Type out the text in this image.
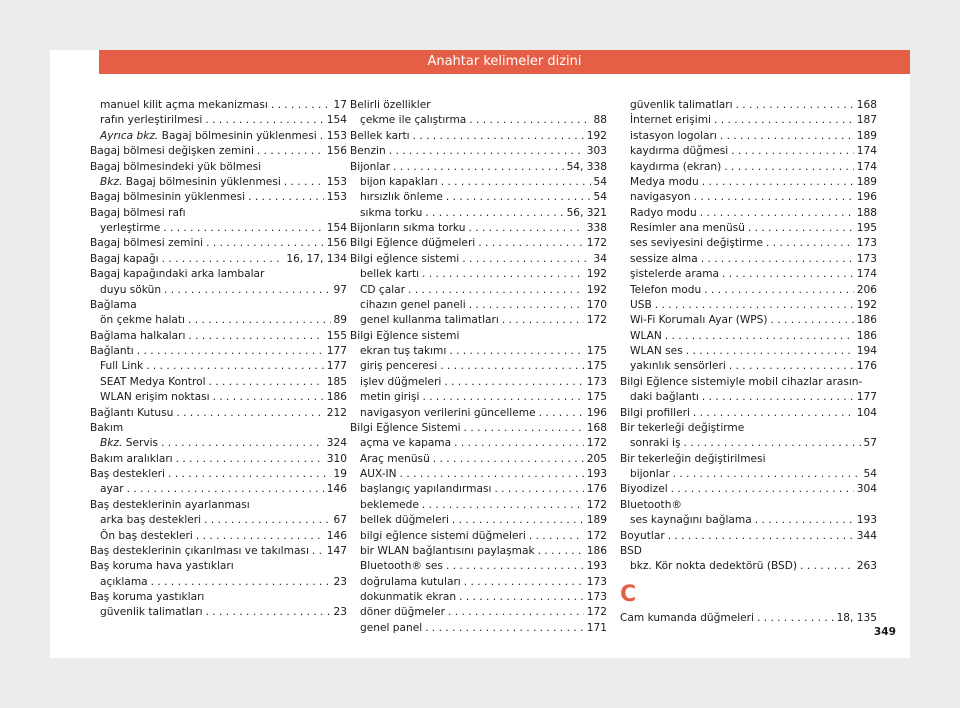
Anahtar kelimeler dizini
manuel kilit açma mekanizması . . .	17
rafın yerleştirilmesi . . .	154
Ayrıca bkz. Bagaj bölmesinin yüklenmesi . . . 153
Bagaj bölmesi değişken zemini . . .	156
Bagaj bölmesindeki yük bölmesi
Bkz. Bagaj bölmesinin yüklenmesi . . .	153
Bagaj bölmesinin yüklenmesi . . .	153
Bagaj bölmesi rafı
yerleştirme . . .	154
Bagaj bölmesi zemini . . .	156
Bagaj kapağı . . .	16, 17, 134
Bagaj kapağındaki arka lambalar
duyu sökün . . .	97
Bağlama
ön çekme halatı . . .	89
Bağlama halkaları . . .	155
Bağlantı . . .	177
Full Link . . .	177
SEAT Medya Kontrol . . .	185
WLAN erişim noktası . . .	186
Bağlantı Kutusu . . .	212
Bakım
Bkz. Servis . . .	324
Bakım aralıkları . . .	310
Baş destekleri . . .	19
ayar . . .	146
Baş desteklerinin ayarlanması
arka baş destekleri . . .	67
Ön baş destekleri . . .	146
Baş desteklerinin çıkarılması ve takılması . . . 147
Baş koruma hava yastıkları
açıklama . . .	23
Baş koruma yastıkları
güvenlik talimatları . . .	23
Belirli özellikler
çekme ile çalıştırma . . .	88
Bellek kartı . . .	192
Benzin . . .	303
Bijonlar . . .	54, 338
bijon kapakları . . .	54
hırsızlık önleme . . .	54
sıkma torku . . .	56, 321
Bijonların sıkma torku . . .	338
Bilgi Eğlence düğmeleri . . .	172
Bilgi eğlence sistemi . . .	34
bellek kartı . . .	192
CD çalar . . .	192
cihazın genel paneli . . .	170
genel kullanma talimatları . . .	172
Bilgi Eğlence sistemi
ekran tuş takımı . . .	175
giriş penceresi . . .	175
işlev düğmeleri . . .	173
metin girişi . . .	175
navigasyon verilerini güncelleme . . .	196
Bilgi Eğlence Sistemi . . .	168
açma ve kapama . . .	172
Araç menüsü . . .	205
AUX-IN . . .	193
başlangıç yapılandırması . . .	176
beklemede . . .	172
bellek düğmeleri . . .	189
bilgi eğlence sistemi düğmeleri . . .	172
bir WLAN bağlantısını paylaşmak . . .	186
Bluetooth® ses . . .	193
doğrulama kutuları . . .	173
dokunmatik ekran . . .	173
döner düğmeler . . .	172
genel panel . . .	171
güvenlik talimatları . . .	168
İnternet erişimi . . .	187
istasyon logoları . . .	189
kaydırma düğmesi . . .	174
kaydırma (ekran) . . .	174
Medya modu . . .	189
navigasyon . . .	196
Radyo modu . . .	188
Resimler ana menüsü . . .	195
ses seviyesini değiştirme . . .	173
sessize alma . . .	173
şistelerde arama . . .	174
Telefon modu . . .	206
USB . . .	192
Wi-Fi Korumalı Ayar (WPS) . . .	186
WLAN . . .	186
WLAN ses . . .	194
yakınlık sensörleri . . .	176
Bilgi Eğlence sistemiyle mobil cihazlar arasın-
daki bağlantı . . .	177
Bilgi profilleri . . .	104
Bir tekerleği değiştirme
sonraki iş . . .	57
Bir tekerleğin değiştirilmesi
bijonlar . . .	54
Biyodizel . . .	304
Bluetooth®
ses kaynağını bağlama . . .	193
Boyutlar . . .	344
BSD
bkz. Kör nokta dedektörü (BSD) . . .	263
C
Cam kumanda düğmeleri . . .	18, 135
349
